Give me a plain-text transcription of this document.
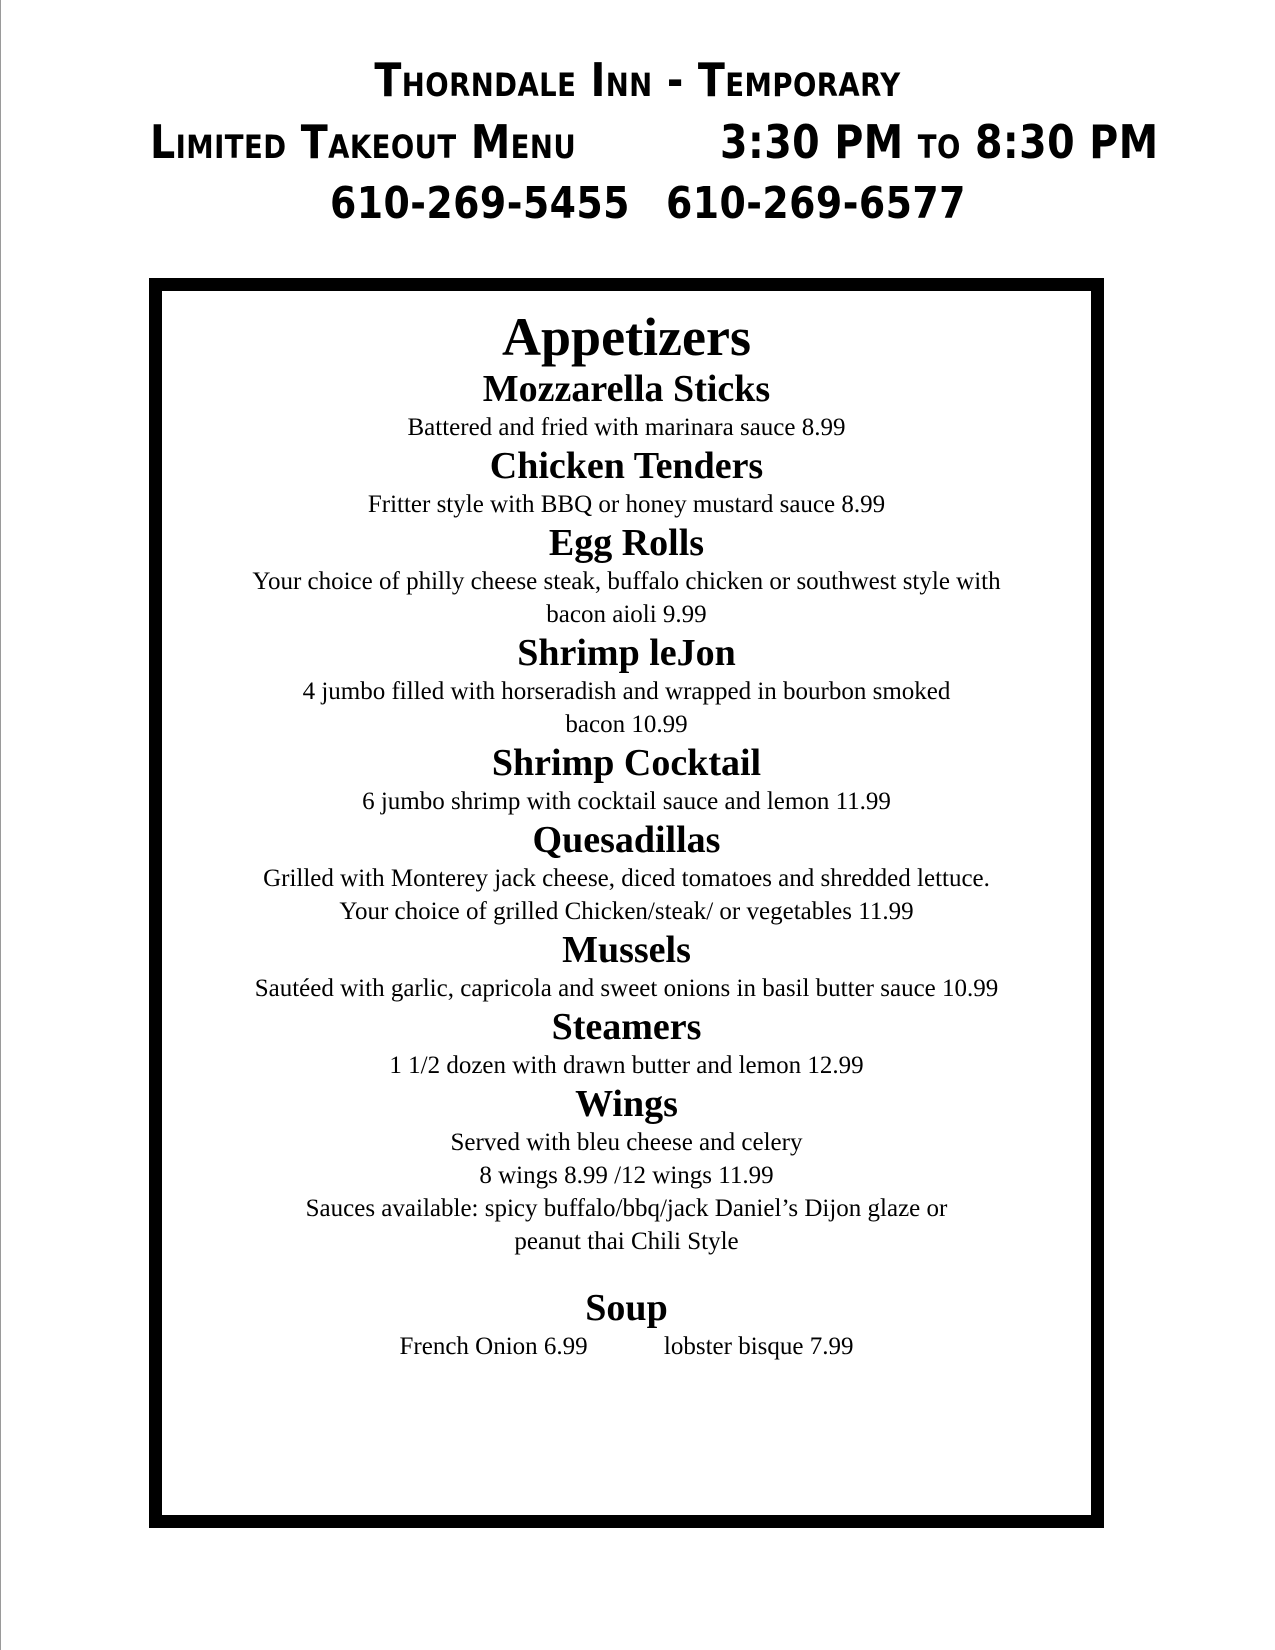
Thorndale Inn - Temporary
Limited Takeout Menu	3:30 PM to 8:30 PM
610-269-5455 610-269-6577
Appetizers
Mozzarella Sticks

Battered and fried with marinara sauce 8.99

Chicken Tenders

Fritter style with BBQ or honey mustard sauce 8.99

Egg Rolls

Your choice of philly cheese steak, buffalo chicken or southwest style with

bacon aioli 9.99

Shrimp leJon

4 jumbo filled with horseradish and wrapped in bourbon smoked

bacon 10.99

Shrimp Cocktail

6 jumbo shrimp with cocktail sauce and lemon 11.99

Quesadillas

Grilled with Monterey jack cheese, diced tomatoes and shredded lettuce.

Your choice of grilled Chicken/steak/ or vegetables 11.99

Mussels

Sautéed with garlic, capricola and sweet onions in basil butter sauce 10.99

Steamers

1 1/2 dozen with drawn butter and lemon 12.99

Wings

Served with bleu cheese and celery

8 wings 8.99 /12 wings 11.99

Sauces available: spicy buffalo/bbq/jack Daniel’s Dijon glaze or

peanut thai Chili Style

Soup
French Onion 6.99	lobster bisque 7.99
